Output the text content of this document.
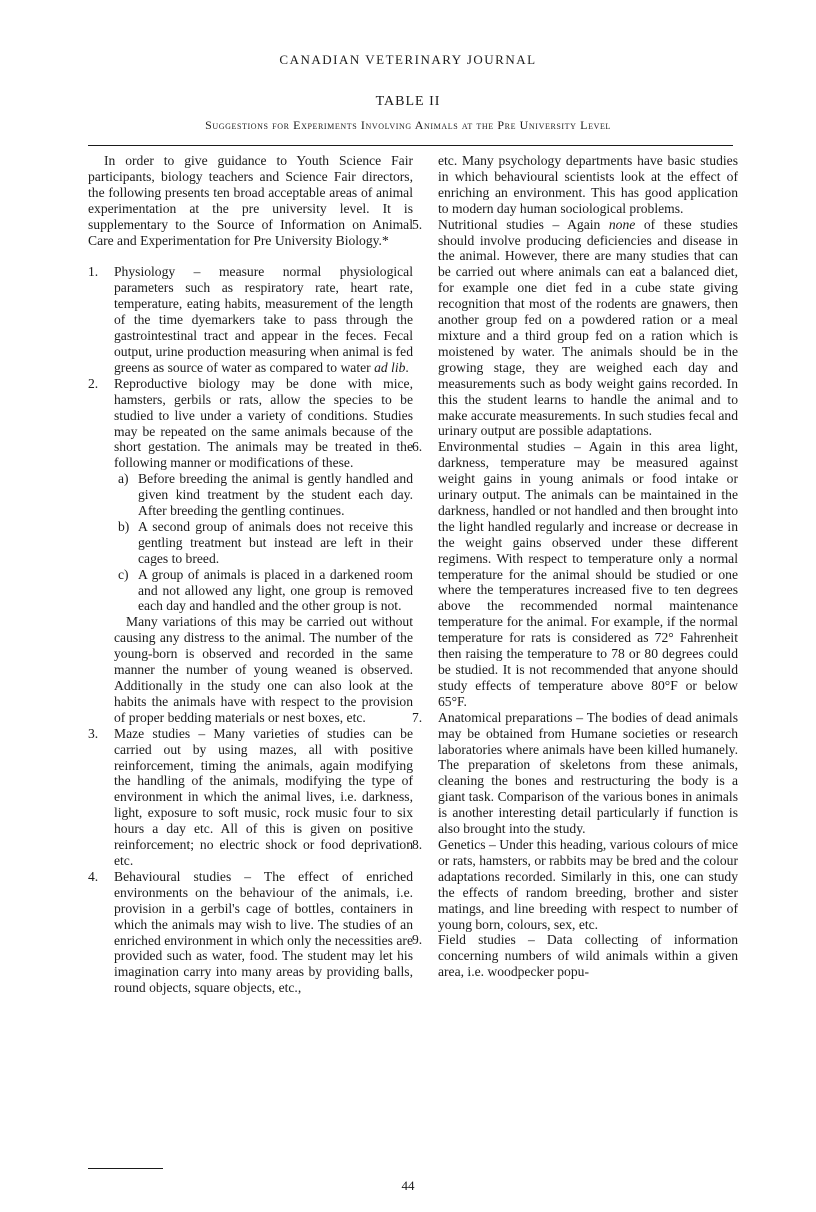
CANADIAN VETERINARY JOURNAL
TABLE II
Suggestions for Experiments Involving Animals at the Pre University Level

In order to give guidance to Youth Science Fair participants, biology teachers and Science Fair directors, the following presents ten broad acceptable areas of animal experimentation at the pre university level. It is supplementary to the Source of Information on Animal Care and Experimentation for Pre University Biology.*

1. Physiology – measure normal physiological parameters such as respiratory rate, heart rate, temperature, eating habits, measurement of the length of the time dyemarkers take to pass through the gastrointestinal tract and appear in the feces. Fecal output, urine production measuring when animal is fed greens as source of water as compared to water ad lib.
2. Reproductive biology may be done with mice, hamsters, gerbils or rats, allow the species to be studied to live under a variety of conditions. Studies may be repeated on the same animals because of the short gestation. The animals may be treated in the following manner or modifications of these.
a) Before breeding the animal is gently handled and given kind treatment by the student each day. After breeding the gentling continues.
b) A second group of animals does not receive this gentling treatment but instead are left in their cages to breed.
c) A group of animals is placed in a darkened room and not allowed any light, one group is removed each day and handled and the other group is not.

Many variations of this may be carried out without causing any distress to the animal. The number of the young-born is observed and recorded in the same manner the number of young weaned is observed. Additionally in the study one can also look at the habits the animals have with respect to the provision of proper bedding materials or nest boxes, etc.

3. Maze studies – Many varieties of studies can be carried out by using mazes, all with positive reinforcement, timing the animals, again modifying the handling of the animals, modifying the type of environment in which the animal lives, i.e. darkness, light, exposure to soft music, rock music four to six hours a day etc. All of this is given on positive reinforcement; no electric shock or food deprivation etc.
4. Behavioural studies – The effect of enriched environments on the behaviour of the animals, i.e. provision in a gerbil's cage of bottles, containers in which the animals may wish to live. The studies of an enriched environment in which only the necessities are provided such as water, food. The student may let his imagination carry into many areas by providing balls, round objects, square objects, etc.,

etc. Many psychology departments have basic studies in which behavioural scientists look at the effect of enriching an environment. This has good application to modern day human sociological problems.

5. Nutritional studies – Again none of these studies should involve producing deficiencies and disease in the animal. However, there are many studies that can be carried out where animals can eat a balanced diet, for example one diet fed in a cube state giving recognition that most of the rodents are gnawers, then another group fed on a powdered ration or a meal mixture and a third group fed on a ration which is moistened by water. The animals should be in the growing stage, they are weighed each day and measurements such as body weight gains recorded. In this the student learns to handle the animal and to make accurate measurements. In such studies fecal and urinary output are possible adaptations.
6. Environmental studies – Again in this area light, darkness, temperature may be measured against weight gains in young animals or food intake or urinary output. The animals can be maintained in the darkness, handled or not handled and then brought into the light handled regularly and increase or decrease in the weight gains observed under these different regimens. With respect to temperature only a normal temperature for the animal should be studied or one where the temperatures increased five to ten degrees above the recommended normal maintenance temperature for the animal. For example, if the normal temperature for rats is considered as 72° Fahrenheit then raising the temperature to 78 or 80 degrees could be studied. It is not recommended that anyone should study effects of temperature above 80°F or below 65°F.
7. Anatomical preparations – The bodies of dead animals may be obtained from Humane societies or research laboratories where animals have been killed humanely. The preparation of skeletons from these animals, cleaning the bones and restructuring the body is a giant task. Comparison of the various bones in animals is another interesting detail particularly if function is also brought into the study.
8. Genetics – Under this heading, various colours of mice or rats, hamsters, or rabbits may be bred and the colour adaptations recorded. Similarly in this, one can study the effects of random breeding, brother and sister matings, and line breeding with respect to number of young born, colours, sex, etc.
9. Field studies – Data collecting of information concerning numbers of wild animals within a given area, i.e. woodpecker popu-
44
